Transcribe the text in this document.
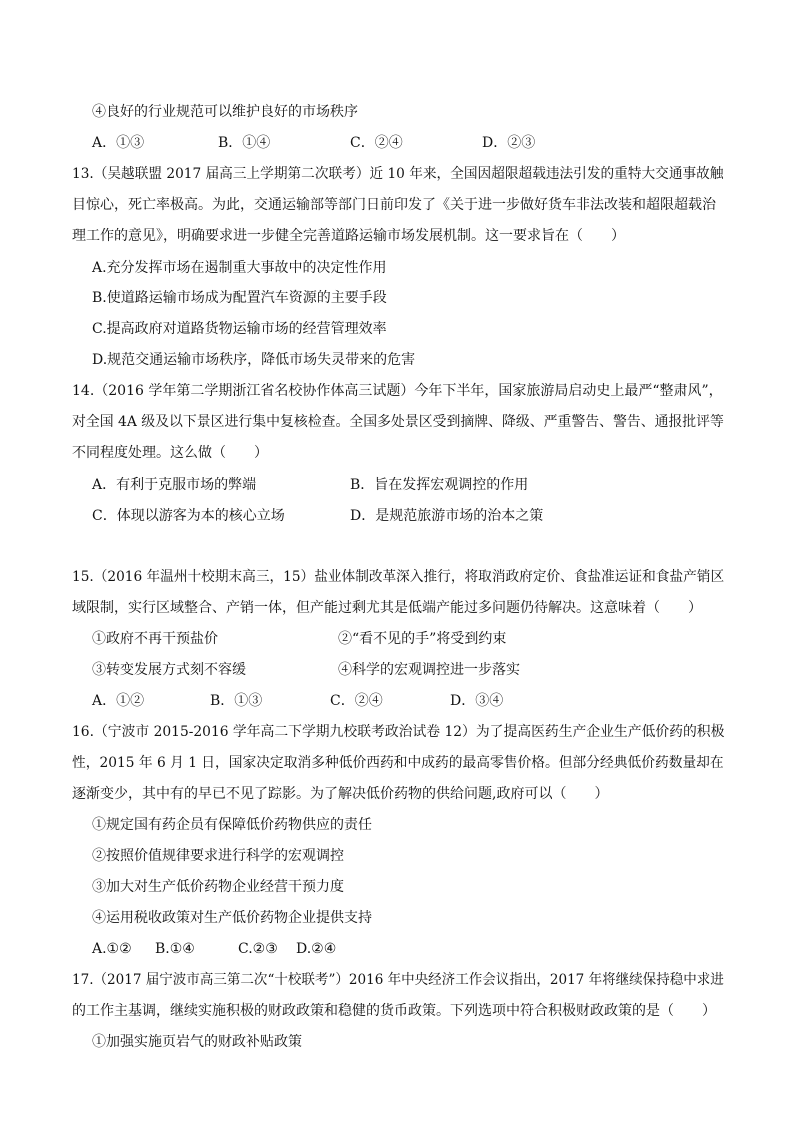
④良好的行业规范可以维护良好的市场秩序
A．①③	B．①④	C．②④	D．②③
13.（吴越联盟 2017 届高三上学期第二次联考）近 10 年来，全国因超限超载违法引发的重特大交通事故触
目惊心，死亡率极高。为此，交通运输部等部门日前印发了《关于进一步做好货车非法改装和超限超载治
理工作的意见》，明确要求进一步健全完善道路运输市场发展机制。这一要求旨在（　　）
A.充分发挥市场在遏制重大事故中的决定性作用
B.使道路运输市场成为配置汽车资源的主要手段
C.提高政府对道路货物运输市场的经营管理效率
D.规范交通运输市场秩序，降低市场失灵带来的危害
14.（2016 学年第二学期浙江省名校协作体高三试题）今年下半年，国家旅游局启动史上最严“整肃风”，
对全国 4A 级及以下景区进行集中复核检查。全国多处景区受到摘牌、降级、严重警告、警告、通报批评等
不同程度处理。这么做（　　）
A．有利于克服市场的弊端	B．旨在发挥宏观调控的作用
C．体现以游客为本的核心立场	D．是规范旅游市场的治本之策
15.（2016 年温州十校期末高三，15）盐业体制改革深入推行，将取消政府定价、食盐准运证和食盐产销区
域限制，实行区域整合、产销一体，但产能过剩尤其是低端产能过多问题仍待解决。这意味着（　　）
①政府不再干预盐价	②“看不见的手”将受到约束
③转变发展方式刻不容缓	④科学的宏观调控进一步落实
A．①②	B．①③	C．②④	D．③④
16.（宁波市 2015-2016 学年高二下学期九校联考政治试卷 12）为了提高医药生产企业生产低价药的积极
性，2015 年 6 月 1 日，国家决定取消多种低价西药和中成药的最高零售价格。但部分经典低价药数量却在
逐渐变少，其中有的早已不见了踪影。为了解决低价药物的供给问题,政府可以（　　）
①规定国有药企员有保障低价药物供应的责任
②按照价值规律要求进行科学的宏观调控
③加大对生产低价药物企业经营干预力度
④运用税收政策对生产低价药物企业提供支持
A.①② B.①④	C.②③ D.②④
17.（2017 届宁波市高三第二次“十校联考”）2016 年中央经济工作会议指出，2017 年将继续保持稳中求进
的工作主基调，继续实施积极的财政政策和稳健的货币政策。下列选项中符合积极财政政策的是（　　）
①加强实施页岩气的财政补贴政策
